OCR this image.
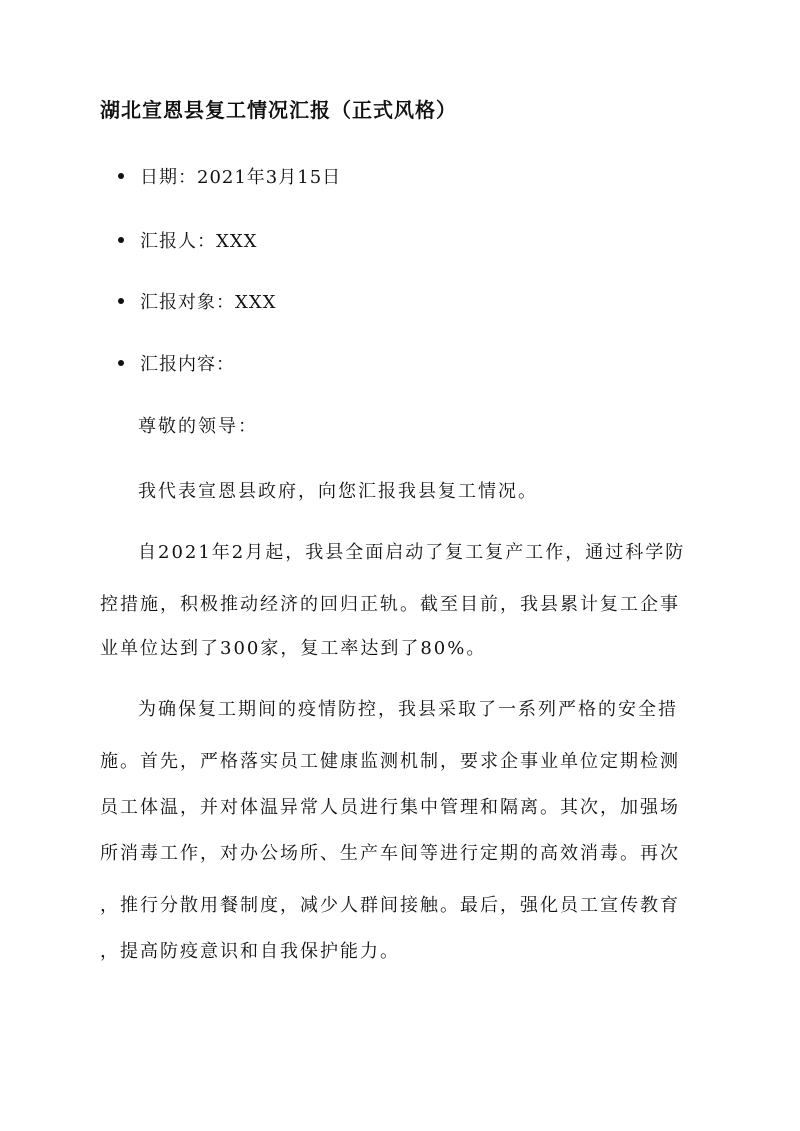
湖北宣恩县复工情况汇报（正式风格）
日期：2021年3月15日
汇报人：XXX
汇报对象：XXX
汇报内容：
尊敬的领导：
我代表宣恩县政府，向您汇报我县复工情况。
自2021年2月起，我县全面启动了复工复产工作，通过科学防
控措施，积极推动经济的回归正轨。截至目前，我县累计复工企事
业单位达到了300家，复工率达到了80%。
为确保复工期间的疫情防控，我县采取了一系列严格的安全措
施。首先，严格落实员工健康监测机制，要求企事业单位定期检测
员工体温，并对体温异常人员进行集中管理和隔离。其次，加强场
所消毒工作，对办公场所、生产车间等进行定期的高效消毒。再次
，推行分散用餐制度，减少人群间接触。最后，强化员工宣传教育
，提高防疫意识和自我保护能力。
